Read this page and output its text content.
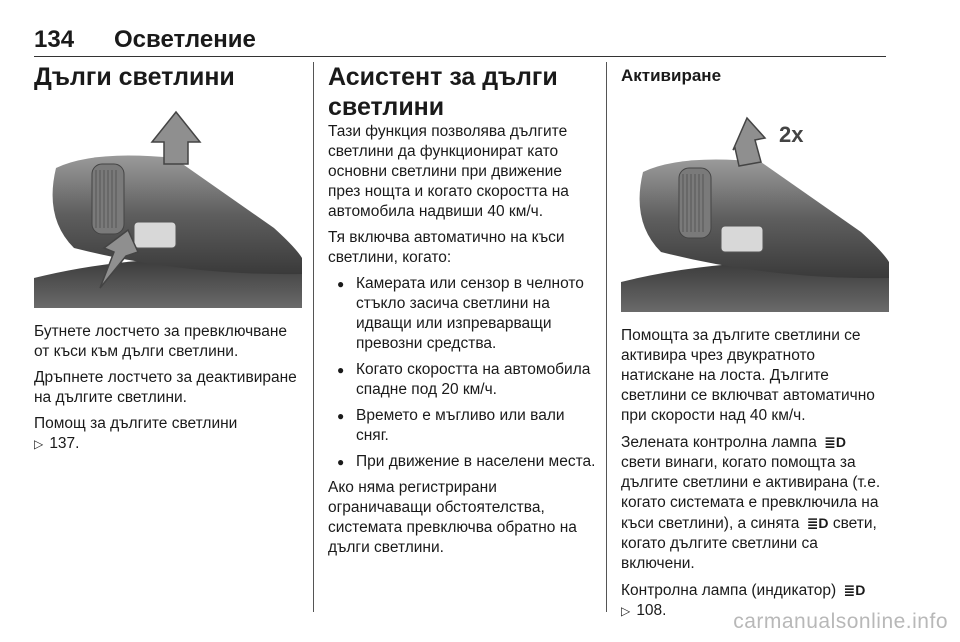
134 Осветление
Дълги светлини

Бутнете лостчето за превключване от къси към дълги светлини.

Дръпнете лостчето за деактивиране на дългите светлини.

Помощ за дългите светлини
▷ 137.

Асистент за дълги
светлини

Тази функция позволява дългите светлини да функционират като основни светлини при движение през нощта и когато скоростта на автомобила надвиши 40 км/ч.

Тя включва автоматично на къси светлини, когато:

● Камерата или сензор в челното стъкло засича светлини на идващи или изпреварващи превозни средства.
● Когато скоростта на автомобила спадне под 20 км/ч.
● Времето е мъгливо или вали сняг.
● При движение в населени места.

Ако няма регистрирани ограничаващи обстоятелства, системата превключва обратно на дълги светлини.

Активиране
2x

Помощта за дългите светлини се активира чрез двукратното натискане на лоста. Дългите светлини се включват автоматично при скорости над 40 км/ч.

Зелената контролна лампа ≣D свети винаги, когато помощта за дългите светлини е активирана (т.е. когато системата е превключила на къси светлини), а синята ≣D свети, когато дългите светлини са включени.

Контролна лампа (индикатор) ≣D
▷ 108.	carmanualsonline.info
